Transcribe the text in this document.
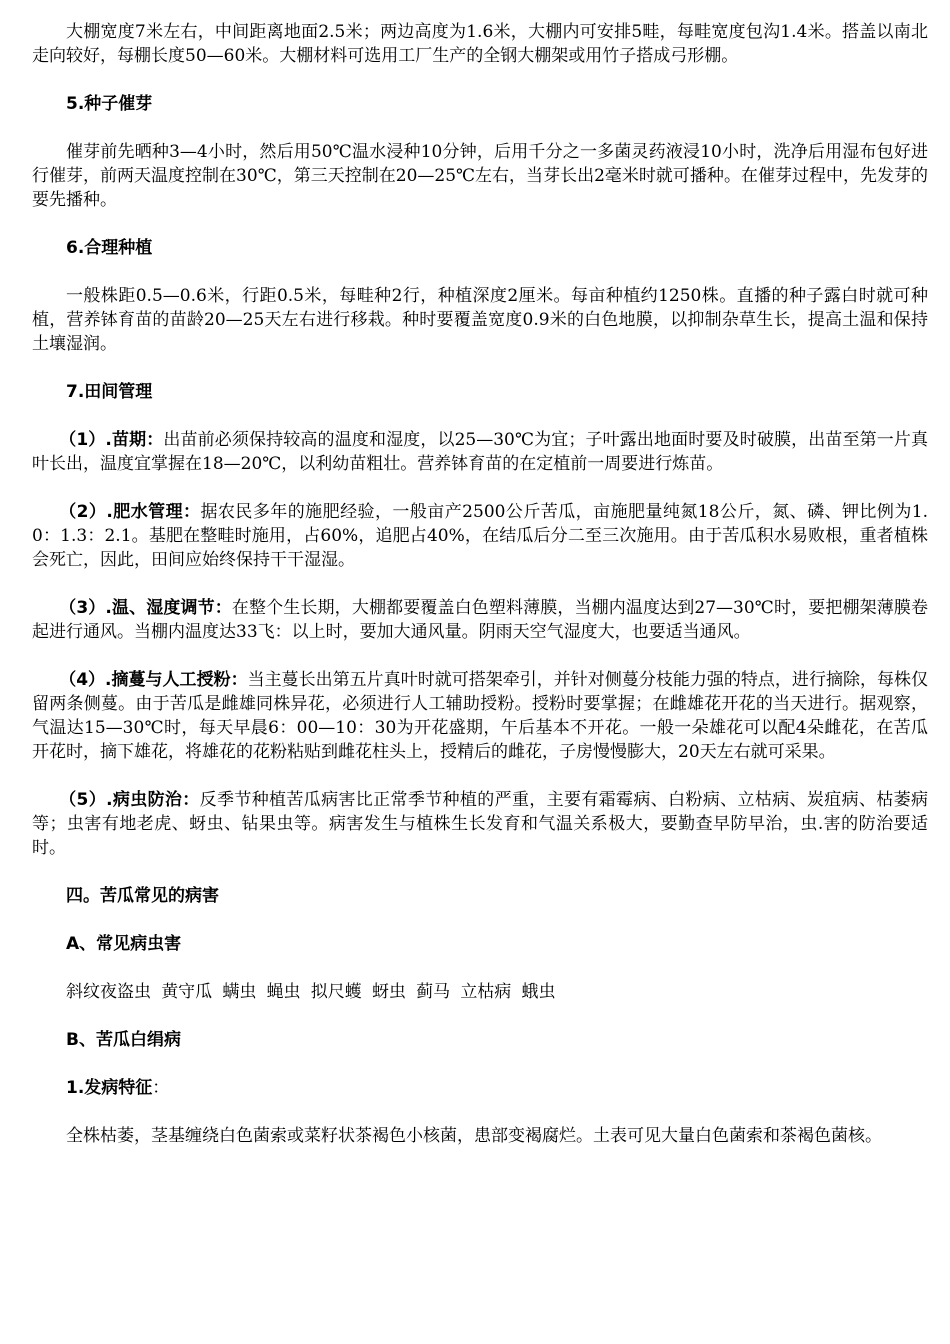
大棚宽度7米左右，中间距离地面2.5米；两边高度为1.6米，大棚内可安排5畦，每畦宽度包沟1.4米。搭盖以南北走向较好，每棚长度50—60米。大棚材料可选用工厂生产的全钢大棚架或用竹子搭成弓形棚。

5.种子催芽

催芽前先晒种3—4小时，然后用50℃温水浸种10分钟，后用千分之一多菌灵药液浸10小时，洗净后用湿布包好进行催芽，前两天温度控制在30℃，第三天控制在20—25℃左右，当芽长出2毫米时就可播种。在催芽过程中，先发芽的要先播种。

6.合理种植

一般株距0.5—0.6米，行距0.5米，每畦种2行，种植深度2厘米。每亩种植约1250株。直播的种子露白时就可种植，营养钵育苗的苗龄20—25天左右进行移栽。种时要覆盖宽度0.9米的白色地膜，以抑制杂草生长，提高土温和保持土壤湿润。

7.田间管理

（1）.苗期：出苗前必须保持较高的温度和湿度，以25—30℃为宜；子叶露出地面时要及时破膜，出苗至第一片真叶长出，温度宜掌握在18—20℃，以利幼苗粗壮。营养钵育苗的在定植前一周要进行炼苗。

（2）.肥水管理：据农民多年的施肥经验，一般亩产2500公斤苦瓜，亩施肥量纯氮18公斤，氮、磷、钾比例为1.0：1.3：2.1。基肥在整畦时施用，占60%，追肥占40%，在结瓜后分二至三次施用。由于苦瓜积水易败根，重者植株会死亡，因此，田间应始终保持干干湿湿。

（3）.温、湿度调节：在整个生长期，大棚都要覆盖白色塑料薄膜，当棚内温度达到27—30℃时，要把棚架薄膜卷起进行通风。当棚内温度达33飞：以上时，要加大通风量。阴雨天空气湿度大，也要适当通风。

（4）.摘蔓与人工授粉：当主蔓长出第五片真叶时就可搭架牵引，并针对侧蔓分枝能力强的特点，进行摘除，每株仅留两条侧蔓。由于苦瓜是雌雄同株异花，必须进行人工辅助授粉。授粉时要掌握；在雌雄花开花的当天进行。据观察，气温达15—30℃时，每天早晨6：00—10：30为开花盛期，午后基本不开花。一般一朵雄花可以配4朵雌花，在苦瓜开花时，摘下雄花，将雄花的花粉粘贴到雌花柱头上，授精后的雌花，子房慢慢膨大，20天左右就可采果。

（5）.病虫防治：反季节种植苦瓜病害比正常季节种植的严重，主要有霜霉病、白粉病、立枯病、炭疽病、枯萎病等；虫害有地老虎、蚜虫、钻果虫等。病害发生与植株生长发育和气温关系极大，要勤查早防早治，虫.害的防治要适时。

四。苦瓜常见的病害

A、常见病虫害

斜纹夜盗虫 黄守瓜 螨虫 蝇虫 拟尺蠖 蚜虫 蓟马 立枯病 蛾虫

B、苦瓜白绢病

1.发病特征：

全株枯萎，茎基缠绕白色菌索或菜籽状茶褐色小核菌，患部变褐腐烂。土表可见大量白色菌索和茶褐色菌核。
